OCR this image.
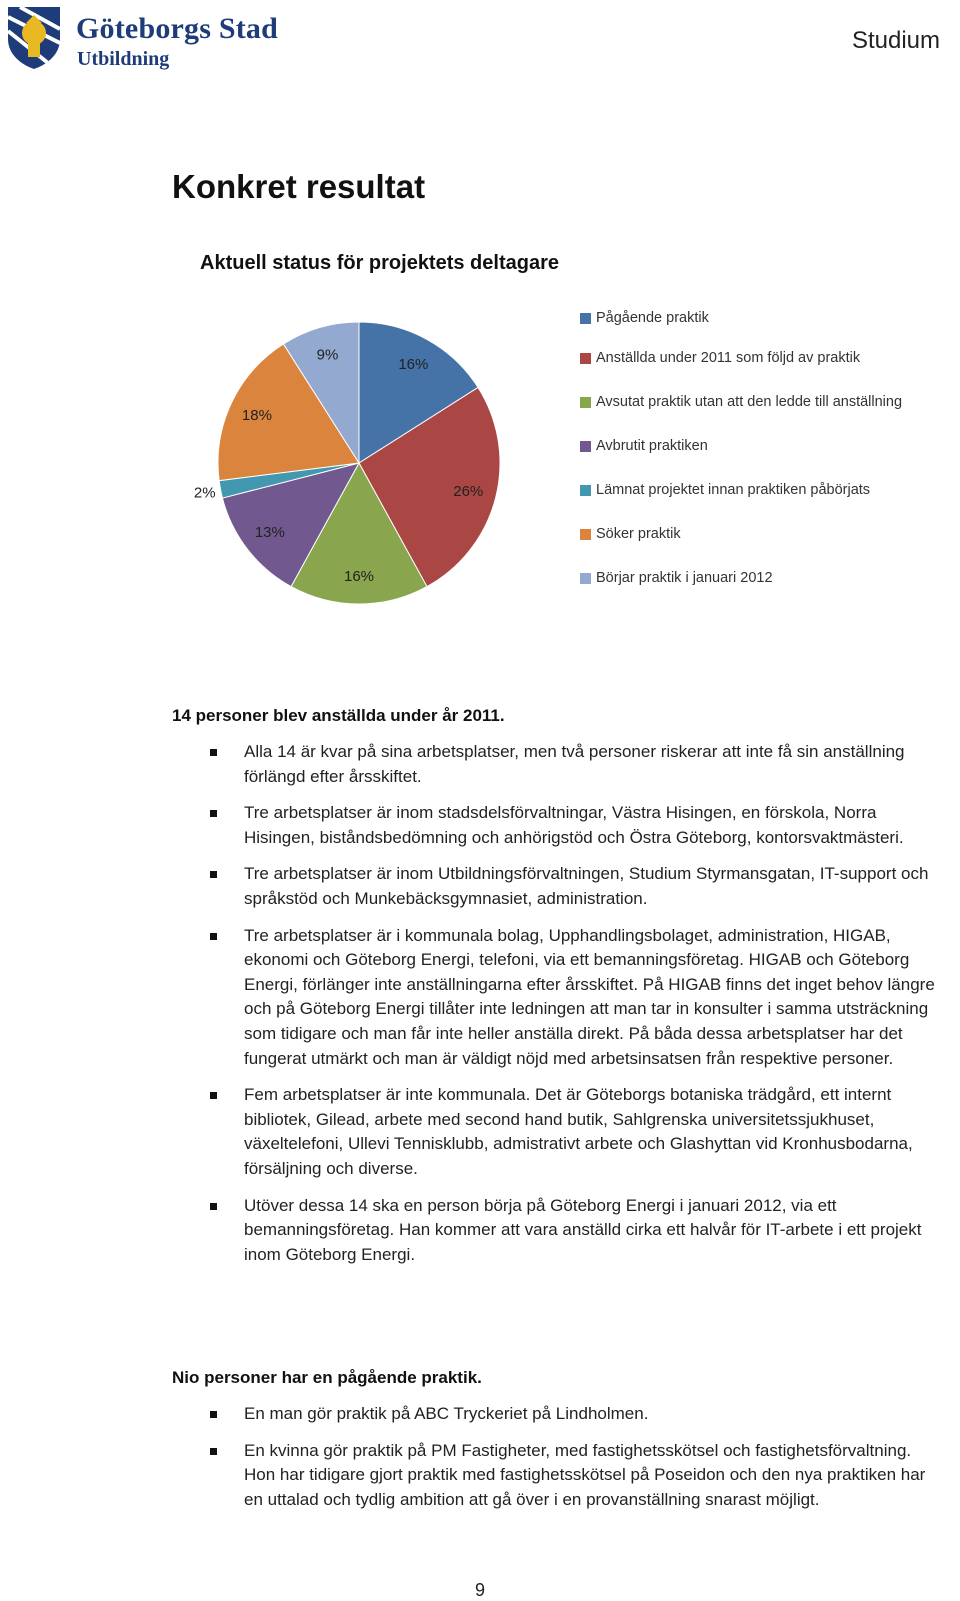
Göteborgs Stad
Utbildning
Studium
Konkret resultat
Aktuell status för projektets deltagare
16%
26%
16%
13%
2%
18%
9%
Pågående praktik
Anställda under 2011 som följd av praktik
Avsutat praktik utan att den ledde till anställning
Avbrutit praktiken
Lämnat projektet innan praktiken påbörjats
Söker praktik
Börjar praktik i januari 2012
14 personer blev anställda under år 2011.
Alla 14 är kvar på sina arbetsplatser, men två personer riskerar att inte få sin anställning förlängd efter årsskiftet.
Tre arbetsplatser är inom stadsdelsförvaltningar, Västra Hisingen, en förskola, Norra Hisingen, biståndsbedömning och anhörigstöd och Östra Göteborg, kontorsvaktmästeri.
Tre arbetsplatser är inom Utbildningsförvaltningen, Studium Styrmansgatan, IT-support och språkstöd och Munkebäcksgymnasiet, administration.
Tre arbetsplatser är i kommunala bolag, Upphandlingsbolaget, administration, HIGAB, ekonomi och Göteborg Energi, telefoni, via ett bemanningsföretag. HIGAB och Göteborg Energi, förlänger inte anställningarna efter årsskiftet. På HIGAB finns det inget behov längre och på Göteborg Energi tillåter inte ledningen att man tar in konsulter i samma utsträckning som tidigare och man får inte heller anställa direkt. På båda dessa arbetsplatser har det fungerat utmärkt och man är väldigt nöjd med arbetsinsatsen från respektive personer.
Fem arbetsplatser är inte kommunala. Det är Göteborgs botaniska trädgård, ett internt bibliotek, Gilead, arbete med second hand butik, Sahlgrenska universitetssjukhuset, växeltelefoni, Ullevi Tennisklubb, admistrativt arbete och Glashyttan vid Kronhusbodarna, försäljning och diverse.
Utöver dessa 14 ska en person börja på Göteborg Energi i januari 2012, via ett bemanningsföretag. Han kommer att vara anställd cirka ett halvår för IT-arbete i ett projekt inom Göteborg Energi.
Nio personer har en pågående praktik.
En man gör praktik på ABC Tryckeriet på Lindholmen.
En kvinna gör praktik på PM Fastigheter, med fastighetsskötsel och fastighetsförvaltning. Hon har tidigare gjort praktik med fastighetsskötsel på Poseidon och den nya praktiken har en uttalad och tydlig ambition att gå över i en provanställning snarast möjligt.
9
